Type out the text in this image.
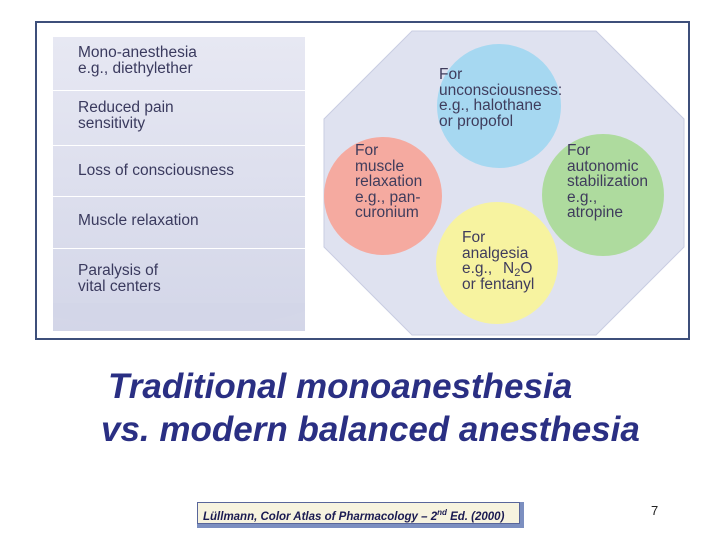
Mono-anesthesia
e.g., diethylether
Reduced pain
sensitivity
Loss of consciousness
Muscle relaxation
Paralysis of
vital centers
For
unconsciousness:
e.g., halothane
or propofol
For
muscle
relaxation
e.g., pan-
curonium
For
autonomic
stabilization
e.g.,
atropine
For
analgesia
e.g., $N_2O$
or fentanyl
Traditional monoanesthesia
vs. modern balanced anesthesia
Lüllmann, Color Atlas of Pharmacology – 2nd Ed. (2000)	7
